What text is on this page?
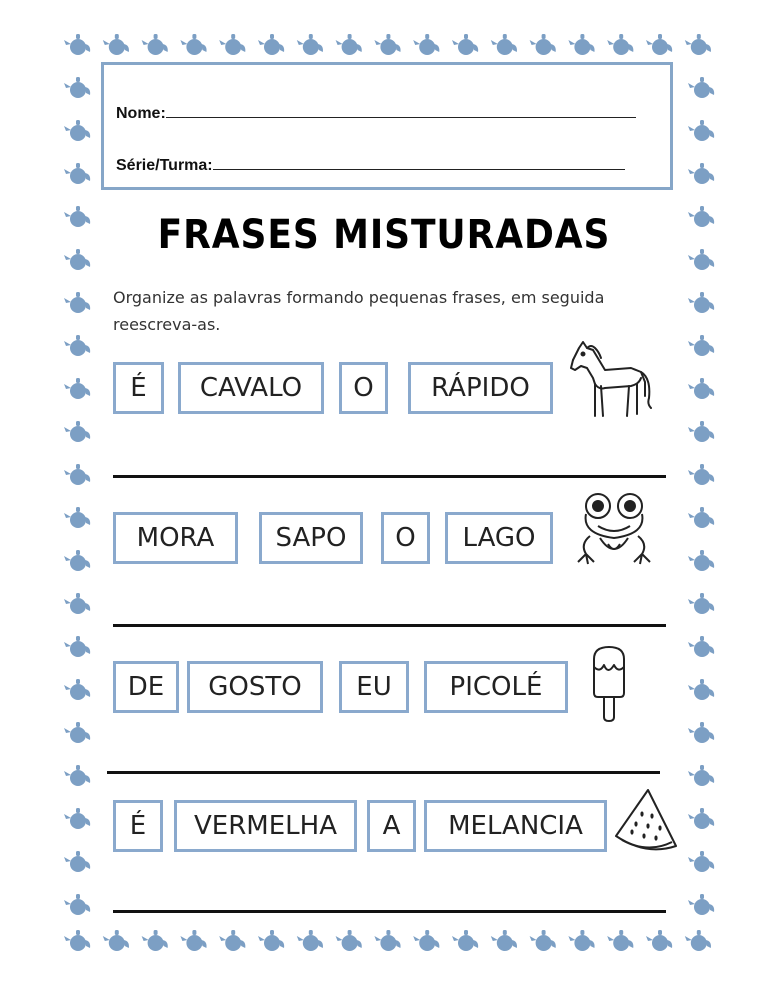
Nome:
Série/Turma:
FRASES MISTURADAS
Organize as palavras formando pequenas frases, em seguida reescreva-as.
É	CAVALO	O	RÁPIDO
MORA	SAPO	O	LAGO
DE	GOSTO	EU	PICOLÉ
É	VERMELHA	A	MELANCIA
